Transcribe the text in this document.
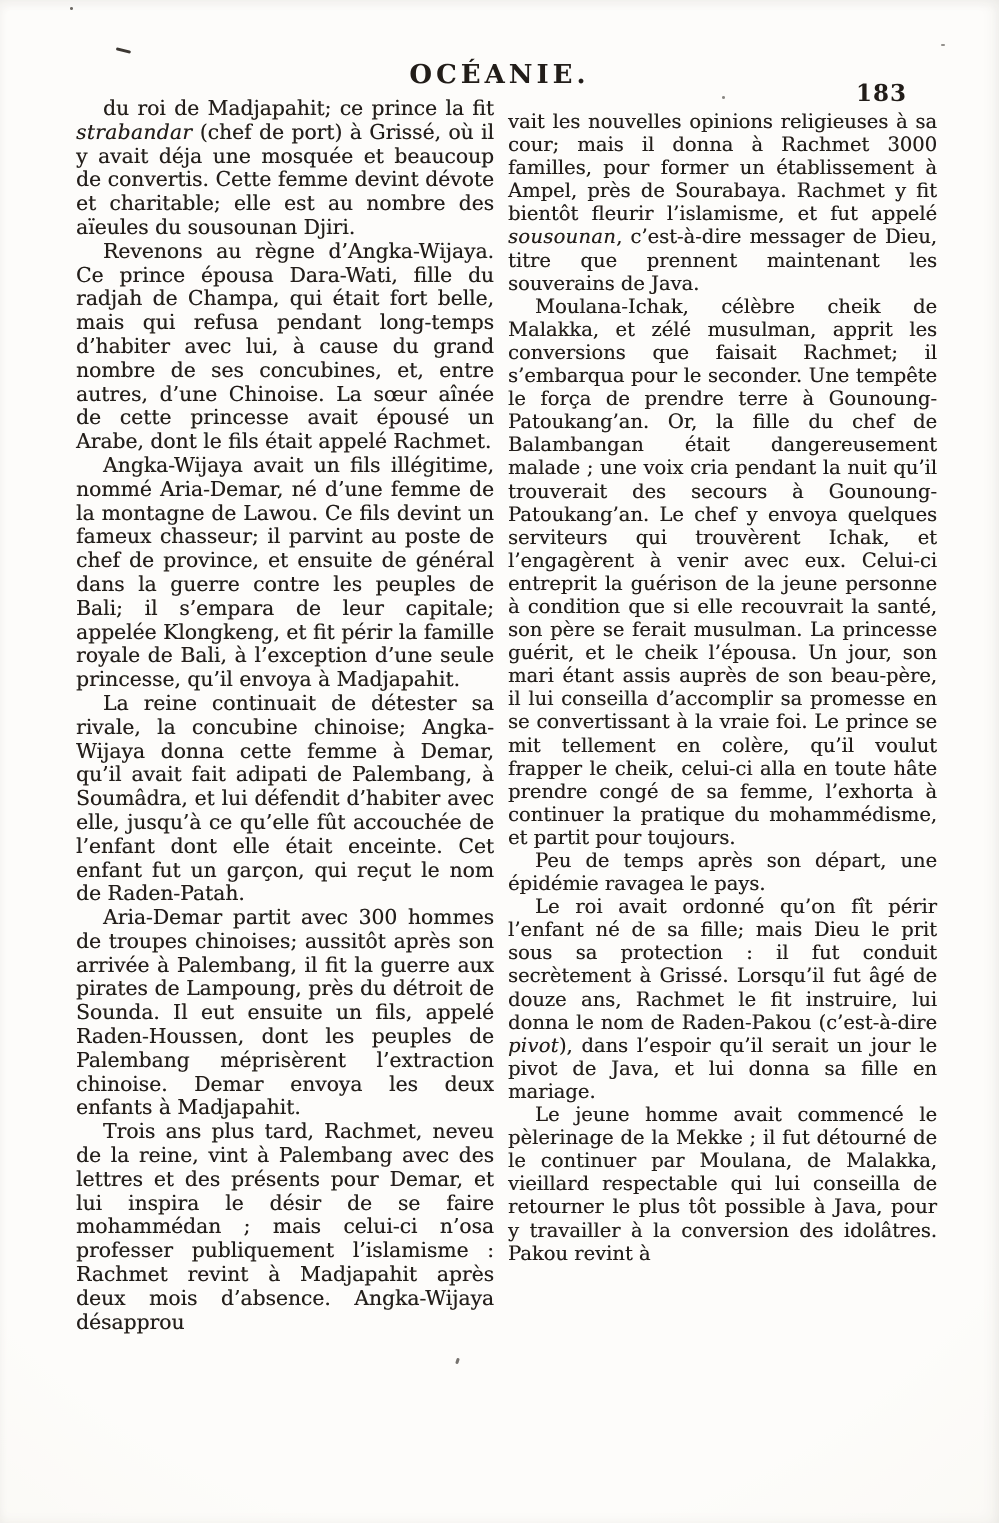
OCÉANIE.
183

du roi de Madjapahit; ce prince la fit strabandar (chef de port) à Grissé, où il y avait déja une mosquée et beaucoup de convertis. Cette femme devint dévote et charitable; elle est au nombre des aïeules du sousounan Djiri.

Revenons au règne d’Angka-Wijaya. Ce prince épousa Dara-Wati, fille du radjah de Champa, qui était fort belle, mais qui refusa pendant long-temps d’habiter avec lui, à cause du grand nombre de ses concubines, et, entre autres, d’une Chinoise. La sœur aînée de cette princesse avait épousé un Arabe, dont le fils était appelé Rachmet.

Angka-Wijaya avait un fils illégitime, nommé Aria-Demar, né d’une femme de la montagne de Lawou. Ce fils devint un fameux chasseur; il parvint au poste de chef de province, et ensuite de général dans la guerre contre les peuples de Bali; il s’empara de leur capitale; appelée Klongkeng, et fit périr la famille royale de Bali, à l’exception d’une seule princesse, qu’il envoya à Madjapahit.

La reine continuait de détester sa rivale, la concubine chinoise; Angka-Wijaya donna cette femme à Demar, qu’il avait fait adipati de Palembang, à Soumâdra, et lui défendit d’habiter avec elle, jusqu’à ce qu’elle fût accouchée de l’enfant dont elle était enceinte. Cet enfant fut un garçon, qui reçut le nom de Raden-Patah.

Aria-Demar partit avec 300 hommes de troupes chinoises; aussitôt après son arrivée à Palembang, il fit la guerre aux pirates de Lampoung, près du détroit de Sounda. Il eut ensuite un fils, appelé Raden-Houssen, dont les peuples de Palembang méprisèrent l’extraction chinoise. Demar envoya les deux enfants à Madjapahit.

Trois ans plus tard, Rachmet, neveu de la reine, vint à Palembang avec des lettres et des présents pour Demar, et lui inspira le désir de se faire mohammédan ; mais celui-ci n’osa professer publiquement l’islamisme : Rachmet revint à Madjapahit après deux mois d’absence. Angka-Wijaya désapprou

vait les nouvelles opinions religieuses à sa cour; mais il donna à Rachmet 3000 familles, pour former un établissement à Ampel, près de Sourabaya. Rachmet y fit bientôt fleurir l’islamisme, et fut appelé sousounan, c’est-à-dire messager de Dieu, titre que prennent maintenant les souverains de Java.

Moulana-Ichak, célèbre cheik de Malakka, et zélé musulman, apprit les conversions que faisait Rachmet; il s’embarqua pour le seconder. Une tempête le força de prendre terre à Gounoung-Patoukang’an. Or, la fille du chef de Balambangan était dangereusement malade ; une voix cria pendant la nuit qu’il trouverait des secours à Gounoung-Patoukang’an. Le chef y envoya quelques serviteurs qui trouvèrent Ichak, et l’engagèrent à venir avec eux. Celui-ci entreprit la guérison de la jeune personne à condition que si elle recouvrait la santé, son père se ferait musulman. La princesse guérit, et le cheik l’épousa. Un jour, son mari étant assis auprès de son beau-père, il lui conseilla d’accomplir sa promesse en se convertissant à la vraie foi. Le prince se mit tellement en colère, qu’il voulut frapper le cheik, celui-ci alla en toute hâte prendre congé de sa femme, l’exhorta à continuer la pratique du mohammédisme, et partit pour toujours.

Peu de temps après son départ, une épidémie ravagea le pays.

Le roi avait ordonné qu’on fît périr l’enfant né de sa fille; mais Dieu le prit sous sa protection : il fut conduit secrètement à Grissé. Lorsqu’il fut âgé de douze ans, Rachmet le fit instruire, lui donna le nom de Raden-Pakou (c’est-à-dire pivot), dans l’espoir qu’il serait un jour le pivot de Java, et lui donna sa fille en mariage.

Le jeune homme avait commencé le pèlerinage de la Mekke ; il fut détourné de le continuer par Moulana, de Malakka, vieillard respectable qui lui conseilla de retourner le plus tôt possible à Java, pour y travailler à la conversion des idolâtres. Pakou revint à
